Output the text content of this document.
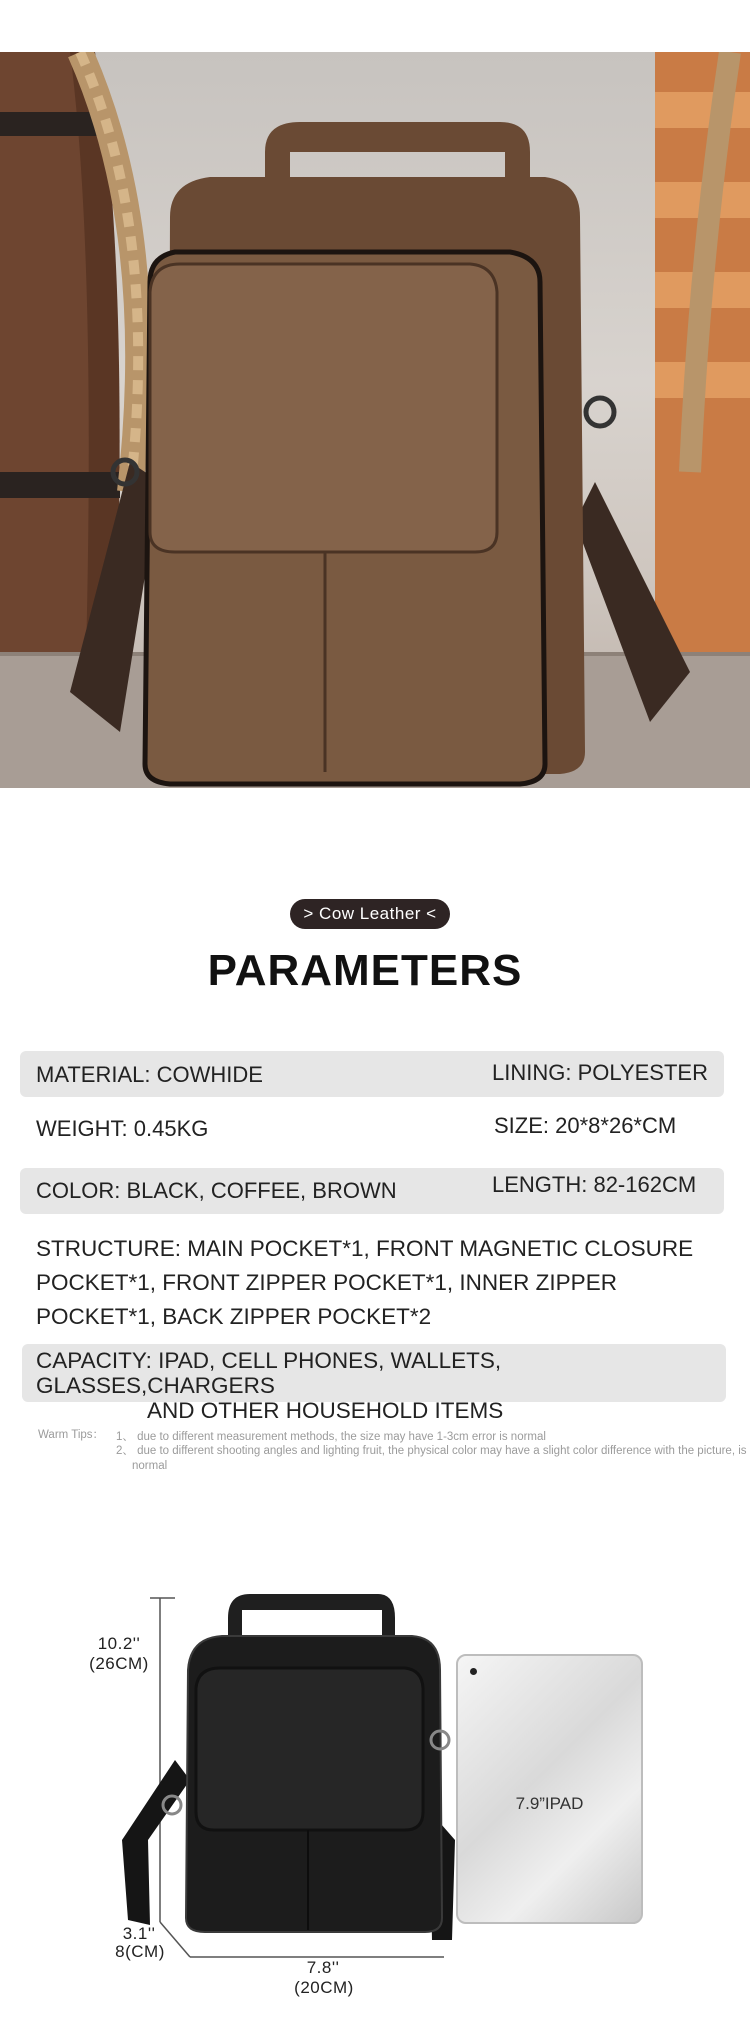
> Cow Leather <
PARAMETERS
MATERIAL: COWHIDE	LINING: POLYESTER
WEIGHT: 0.45KG	SIZE: 20*8*26*CM
COLOR: BLACK, COFFEE, BROWN	LENGTH: 82-162CM
STRUCTURE: MAIN POCKET*1, FRONT MAGNETIC CLOSURE POCKET*1, FRONT ZIPPER POCKET*1, INNER ZIPPER POCKET*1, BACK ZIPPER POCKET*2
CAPACITY: IPAD, CELL PHONES, WALLETS, GLASSES,CHARGERS
AND OTHER HOUSEHOLD ITEMS
Warm Tips： 1、 due to different measurement methods, the size may have 1-3cm error is normal
2、 due to different shooting angles and lighting fruit, the physical color may have a slight color difference with the picture, is normal
10.2''
(26CM)
3.1''
8(CM)
7.8''
(20CM)
7.9”IPAD
